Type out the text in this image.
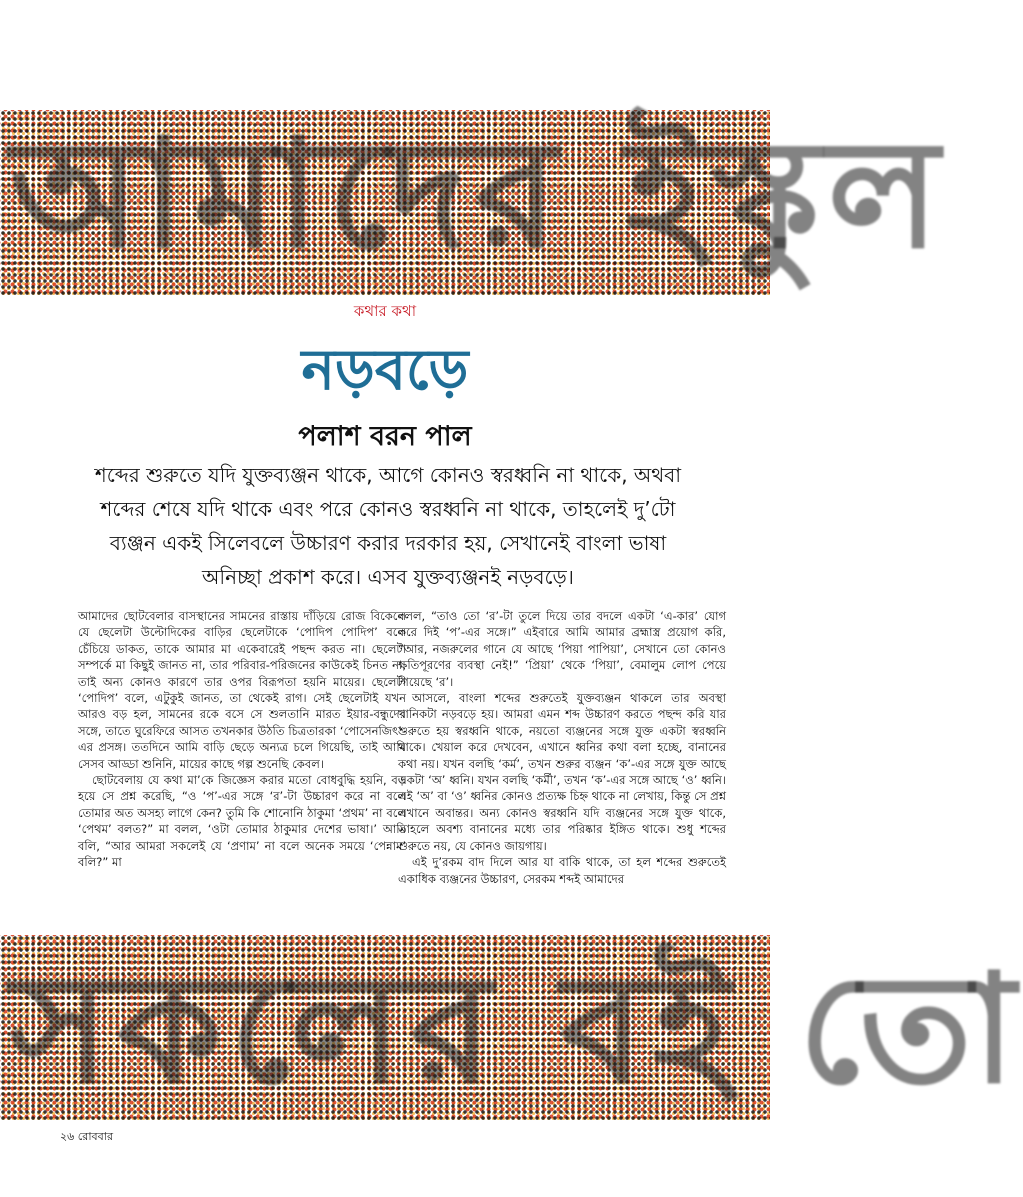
আমাদের ইস্কুল
কথার কথা
নড়বড়ে
পলাশ বরন পাল
শব্দের শুরুতে যদি যুক্তব্যঞ্জন থাকে, আগে কোনও স্বরধ্বনি না থাকে, অথবা শব্দের শেষে যদি থাকে এবং পরে কোনও স্বরধ্বনি না থাকে, তাহলেই দু’টো ব্যঞ্জন একই সিলেবলে উচ্চারণ করার দরকার হয়, সেখানেই বাংলা ভাষা অনিচ্ছা প্রকাশ করে। এসব যুক্তব্যঞ্জনই নড়বড়ে।

আমাদের ছোটবেলার বাসস্থানের সামনের রাস্তায় দাঁড়িয়ে রোজ বিকেলে যে ছেলেটা উল্টোদিকের বাড়ির ছেলেটাকে ‘পোদিপ পোদিপ’ বলে চেঁচিয়ে ডাকত, তাকে আমার মা একেবারেই পছন্দ করত না। ছেলেটা সম্পর্কে মা কিছুই জানত না, তার পরিবার-পরিজনের কাউকেই চিনত না, তাই অন্য কোনও কারণে তার ওপর বিরূপতা হয়নি মায়ের। ছেলেটা ‘পোদিপ’ বলে, এটুকুই জানত, তা থেকেই রাগ। সেই ছেলেটাই যখন আরও বড় হল, সামনের রকে বসে সে শুলতানি মারত ইয়ার-বন্ধুদের সঙ্গে, তাতে ঘুরেফিরে আসত তখনকার উঠতি চিত্রতারকা ‘পোসেনজিৎ’-এর প্রসঙ্গ। ততদিনে আমি বাড়ি ছেড়ে অন্যত্র চলে গিয়েছি, তাই আমি সেসব আড্ডা শুনিনি, মায়ের কাছে গল্প শুনেছি কেবল।

ছোটবেলায় যে কথা মা’কে জিজ্ঞেস করার মতো বোধবুদ্ধি হয়নি, বড় হয়ে সে প্রশ্ন করেছি, “ও ‘প’-এর সঙ্গে ‘র’-টা উচ্চারণ করে না বলে তোমার অত অসহ্য লাগে কেন? তুমি কি শোনোনি ঠাকুমা ‘প্রথম’ না বলে ‘পেথম’ বলত?” মা বলল, ‘ওটা তোমার ঠাকুমার দেশের ভাষা।’ আমি বলি, “আর আমরা সকলেই যে ‘প্রণাম’ না বলে অনেক সময়ে ‘পেন্নাম’ বলি?” মা

বলল, “তাও তো ‘র’-টা তুলে দিয়ে তার বদলে একটা ‘এ-কার’ যোগ করে দিই ‘প’-এর সঙ্গে।” এইবারে আমি আমার ব্রহ্মাস্ত্র প্রয়োগ করি, “আর, নজরুলের গানে যে আছে ‘পিয়া পাপিয়া’, সেখানে তো কোনও ক্ষতিপূরণের ব্যবস্থা নেই!” ‘প্রিয়া’ থেকে ‘পিয়া’, বেমালুম লোপ পেয়ে গিয়েছে ‘র’।

আসলে, বাংলা শব্দের শুরুতেই যুক্তব্যঞ্জন থাকলে তার অবস্থা খানিকটা নড়বড়ে হয়। আমরা এমন শব্দ উচ্চারণ করতে পছন্দ করি যার শুরুতে হয় স্বরধ্বনি থাকে, নয়তো ব্যঞ্জনের সঙ্গে যুক্ত একটা স্বরধ্বনি থাকে। খেয়াল করে দেখবেন, এখানে ধ্বনির কথা বলা হচ্ছে, বানানের কথা নয়। যখন বলছি ‘কর্ম’, তখন শুরুর ব্যঞ্জন ‘ক’-এর সঙ্গে যুক্ত আছে একটা ‘অ’ ধ্বনি। যখন বলছি ‘কর্মী’, তখন ‘ক’-এর সঙ্গে আছে ‘ও’ ধ্বনি। এই ‘অ’ বা ‘ও’ ধ্বনির কোনও প্রত্যক্ষ চিহ্ন থাকে না লেখায়, কিন্তু সে প্রশ্ন এখানে অবান্তর। অন্য কোনও স্বরধ্বনি যদি ব্যঞ্জনের সঙ্গে যুক্ত থাকে, তাহলে অবশ্য বানানের মধ্যে তার পরিষ্কার ইঙ্গিত থাকে। শুধু শব্দের শুরুতে নয়, যে কোনও জায়গায়।

এই দু’রকম বাদ দিলে আর যা বাকি থাকে, তা হল শব্দের শুরুতেই একাধিক ব্যঞ্জনের উচ্চারণ, সেরকম শব্দই আমাদের

সকলের বই তো
২৬ রোববার
